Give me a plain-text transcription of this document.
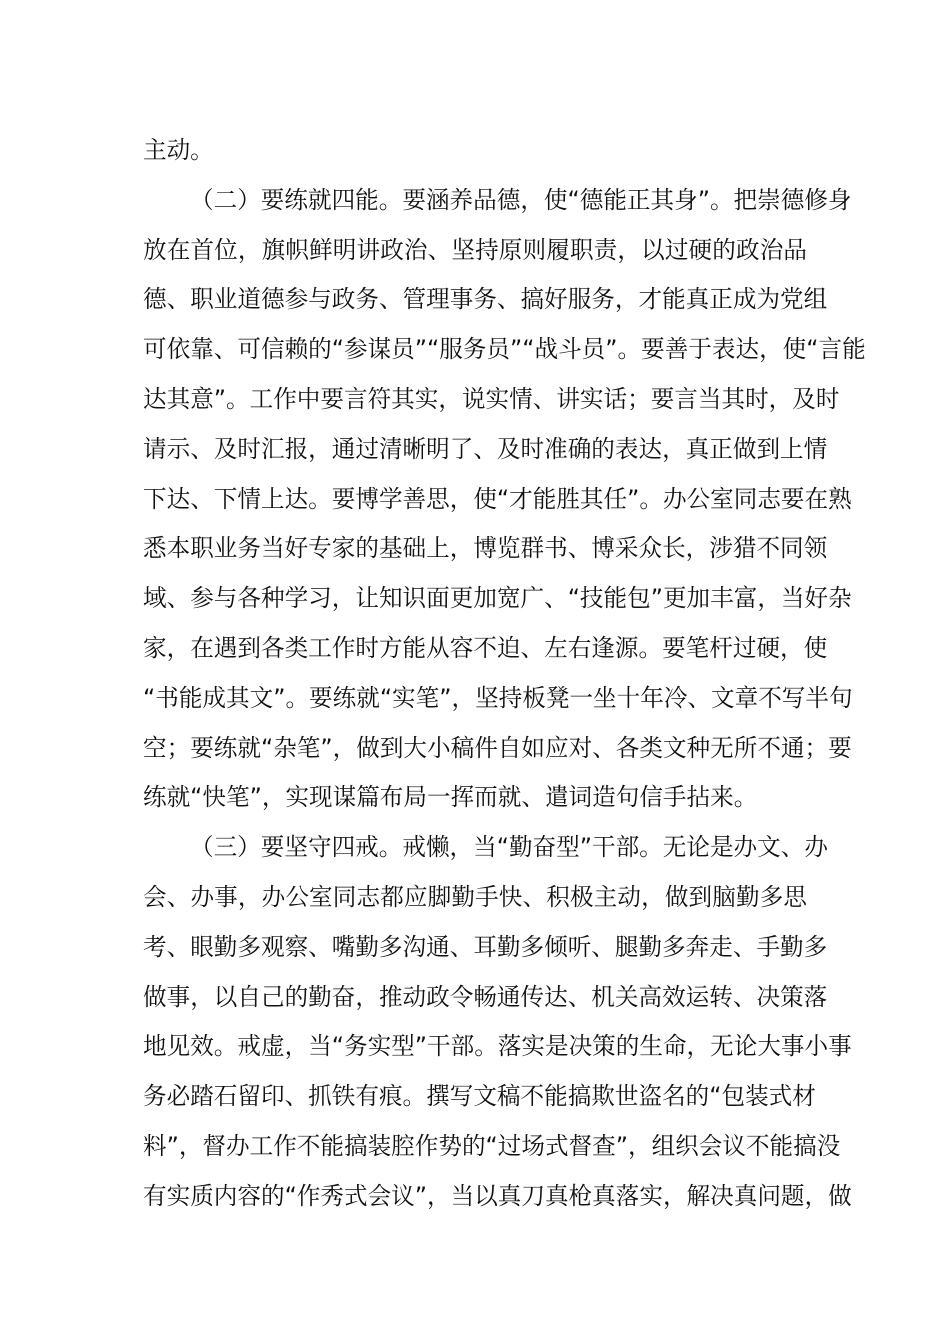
主动。
（ 二 ） 要 练 就 四 能 。 要 涵 养 品 德 ， 使 “ 德 能 正 其 身 ” 。 把 崇 德 修 身
放 在 首 位 ， 旗 帜 鲜 明 讲 政 治 、 坚 持 原 则 履 职 责 ， 以 过 硬 的 政 治 品
德 、 职 业 道 德 参 与 政 务 、 管 理 事 务 、 搞 好 服 务 ， 才 能 真 正 成 为 党 组
可 依 靠 、 可 信 赖 的 “ 参 谋 员 ” “ 服 务 员 ” “ 战 斗 员 ” 。 要 善 于 表 达 ， 使 “ 言 能
达 其 意 ” 。 工 作 中 要 言 符 其 实 ， 说 实 情 、 讲 实 话 ； 要 言 当 其 时 ， 及 时
请 示 、 及 时 汇 报 ， 通 过 清 晰 明 了 、 及 时 准 确 的 表 达 ， 真 正 做 到 上 情
下 达 、 下 情 上 达 。 要 博 学 善 思 ， 使 “ 才 能 胜 其 任 ” 。 办 公 室 同 志 要 在 熟
悉 本 职 业 务 当 好 专 家 的 基 础 上 ， 博 览 群 书 、 博 采 众 长 ， 涉 猎 不 同 领
域 、 参 与 各 种 学 习 ， 让 知 识 面 更 加 宽 广 、 “ 技 能 包 ” 更 加 丰 富 ， 当 好 杂
家 ， 在 遇 到 各 类 工 作 时 方 能 从 容 不 迫 、 左 右 逢 源 。 要 笔 杆 过 硬 ， 使
“ 书 能 成 其 文 ” 。 要 练 就 “ 实 笔 ” ， 坚 持 板 凳 一 坐 十 年 冷 、 文 章 不 写 半 句
空 ； 要 练 就 “ 杂 笔 ” ， 做 到 大 小 稿 件 自 如 应 对 、 各 类 文 种 无 所 不 通 ； 要
练就“快笔”，实现谋篇布局一挥而就、遣词造句信手拈来。
（ 三 ） 要 坚 守 四 戒 。 戒 懒 ， 当 “ 勤 奋 型 ” 干 部 。 无 论 是 办 文 、 办
会 、 办 事 ， 办 公 室 同 志 都 应 脚 勤 手 快 、 积 极 主 动 ， 做 到 脑 勤 多 思
考 、 眼 勤 多 观 察 、 嘴 勤 多 沟 通 、 耳 勤 多 倾 听 、 腿 勤 多 奔 走 、 手 勤 多
做 事 ， 以 自 己 的 勤 奋 ， 推 动 政 令 畅 通 传 达 、 机 关 高 效 运 转 、 决 策 落
地 见 效 。 戒 虚 ， 当 “ 务 实 型 ” 干 部 。 落 实 是 决 策 的 生 命 ， 无 论 大 事 小 事
务 必 踏 石 留 印 、 抓 铁 有 痕 。 撰 写 文 稿 不 能 搞 欺 世 盗 名 的 “ 包 装 式 材
料 ” ， 督 办 工 作 不 能 搞 装 腔 作 势 的 “ 过 场 式 督 查 ” ， 组 织 会 议 不 能 搞 没
有 实 质 内 容 的 “ 作 秀 式 会 议 ” ， 当 以 真 刀 真 枪 真 落 实 ， 解 决 真 问 题 ， 做
